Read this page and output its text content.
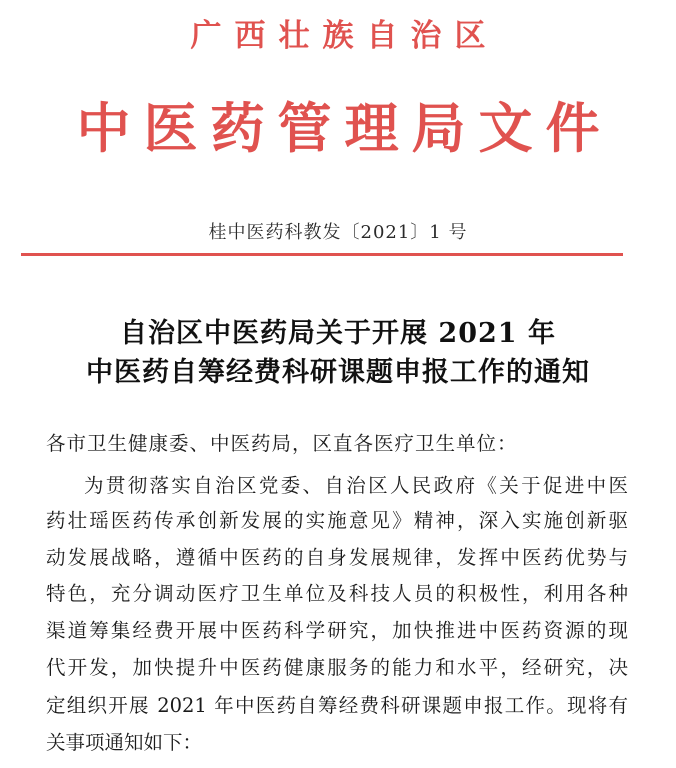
广西壮族自治区
中医药管理局文件
桂中医药科教发〔2021〕1 号
自治区中医药局关于开展 2021 年
中医药自筹经费科研课题申报工作的通知
各市卫生健康委、中医药局，区直各医疗卫生单位：
为贯彻落实自治区党委、自治区人民政府《关于促进中医
药壮瑶医药传承创新发展的实施意见》精神，深入实施创新驱
动发展战略，遵循中医药的自身发展规律，发挥中医药优势与
特色，充分调动医疗卫生单位及科技人员的积极性，利用各种
渠道筹集经费开展中医药科学研究，加快推进中医药资源的现
代开发，加快提升中医药健康服务的能力和水平，经研究，决
定组织开展 2021 年中医药自筹经费科研课题申报工作。现将有
关事项通知如下：
